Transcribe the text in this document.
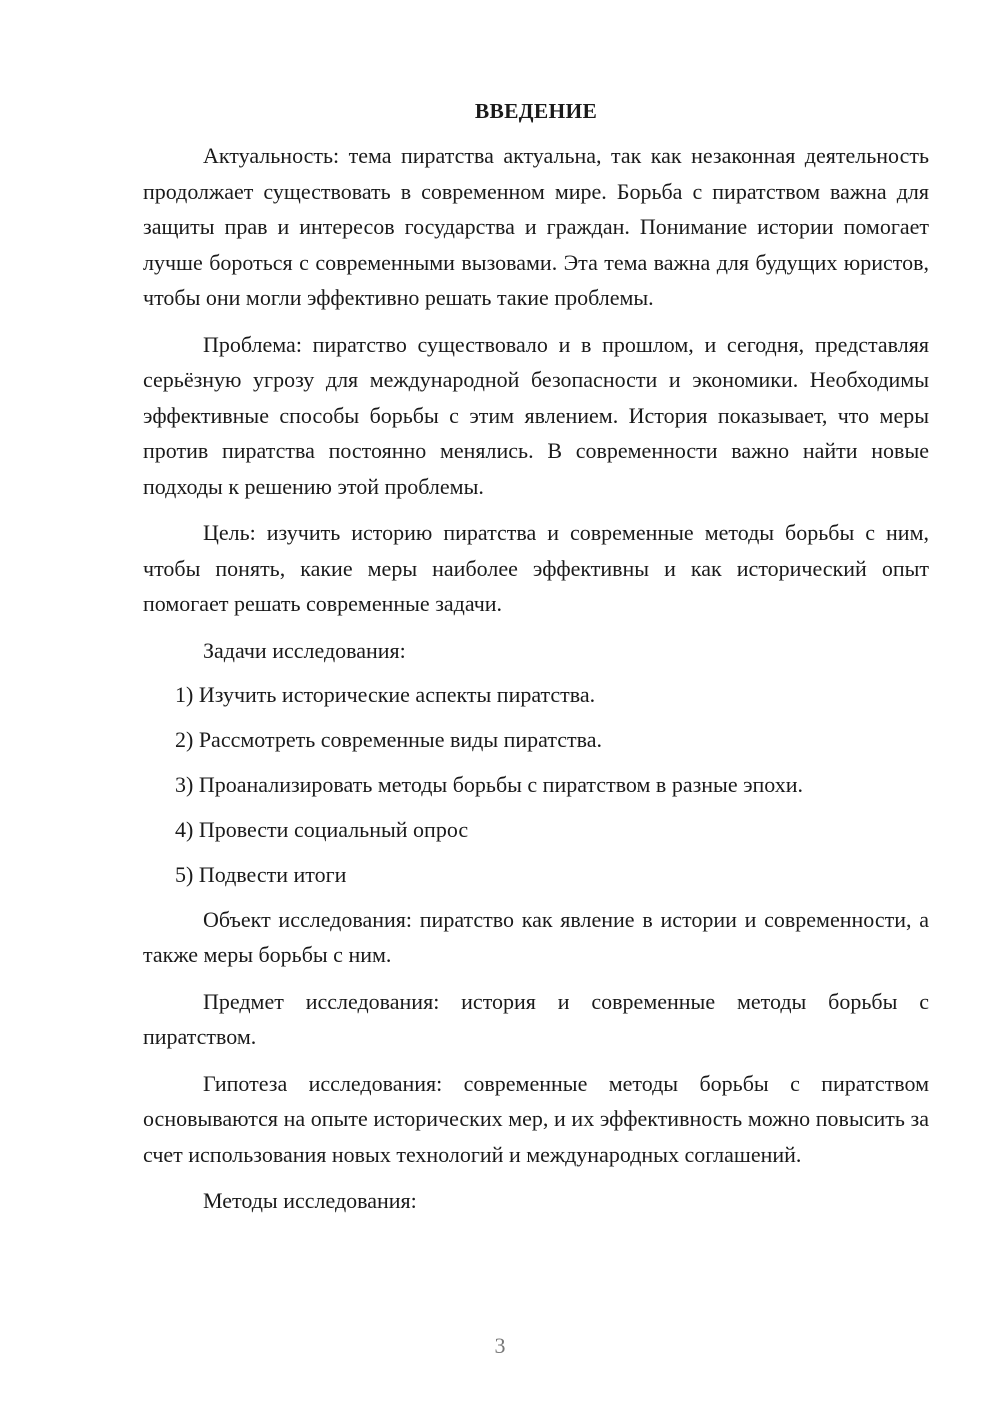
ВВЕДЕНИЕ

Актуальность: тема пиратства актуальна, так как незаконная деятельность продолжает существовать в современном мире. Борьба с пиратством важна для защиты прав и интересов государства и граждан. Понимание истории помогает лучше бороться с современными вызовами. Эта тема важна для будущих юристов, чтобы они могли эффективно решать такие проблемы.

Проблема: пиратство существовало и в прошлом, и сегодня, представляя серьёзную угрозу для международной безопасности и экономики. Необходимы эффективные способы борьбы с этим явлением. История показывает, что меры против пиратства постоянно менялись. В современности важно найти новые подходы к решению этой проблемы.

Цель: изучить историю пиратства и современные методы борьбы с ним, чтобы понять, какие меры наиболее эффективны и как исторический опыт помогает решать современные задачи.

Задачи исследования:

1) Изучить исторические аспекты пиратства.
2) Рассмотреть современные виды пиратства.
3) Проанализировать методы борьбы с пиратством в разные эпохи.
4) Провести социальный опрос
5) Подвести итоги

Объект исследования: пиратство как явление в истории и современности, а также меры борьбы с ним.

Предмет исследования: история и современные методы борьбы с пиратством.

Гипотеза исследования: современные методы борьбы с пиратством основываются на опыте исторических мер, и их эффективность можно повысить за счет использования новых технологий и международных соглашений.

Методы исследования:

3
